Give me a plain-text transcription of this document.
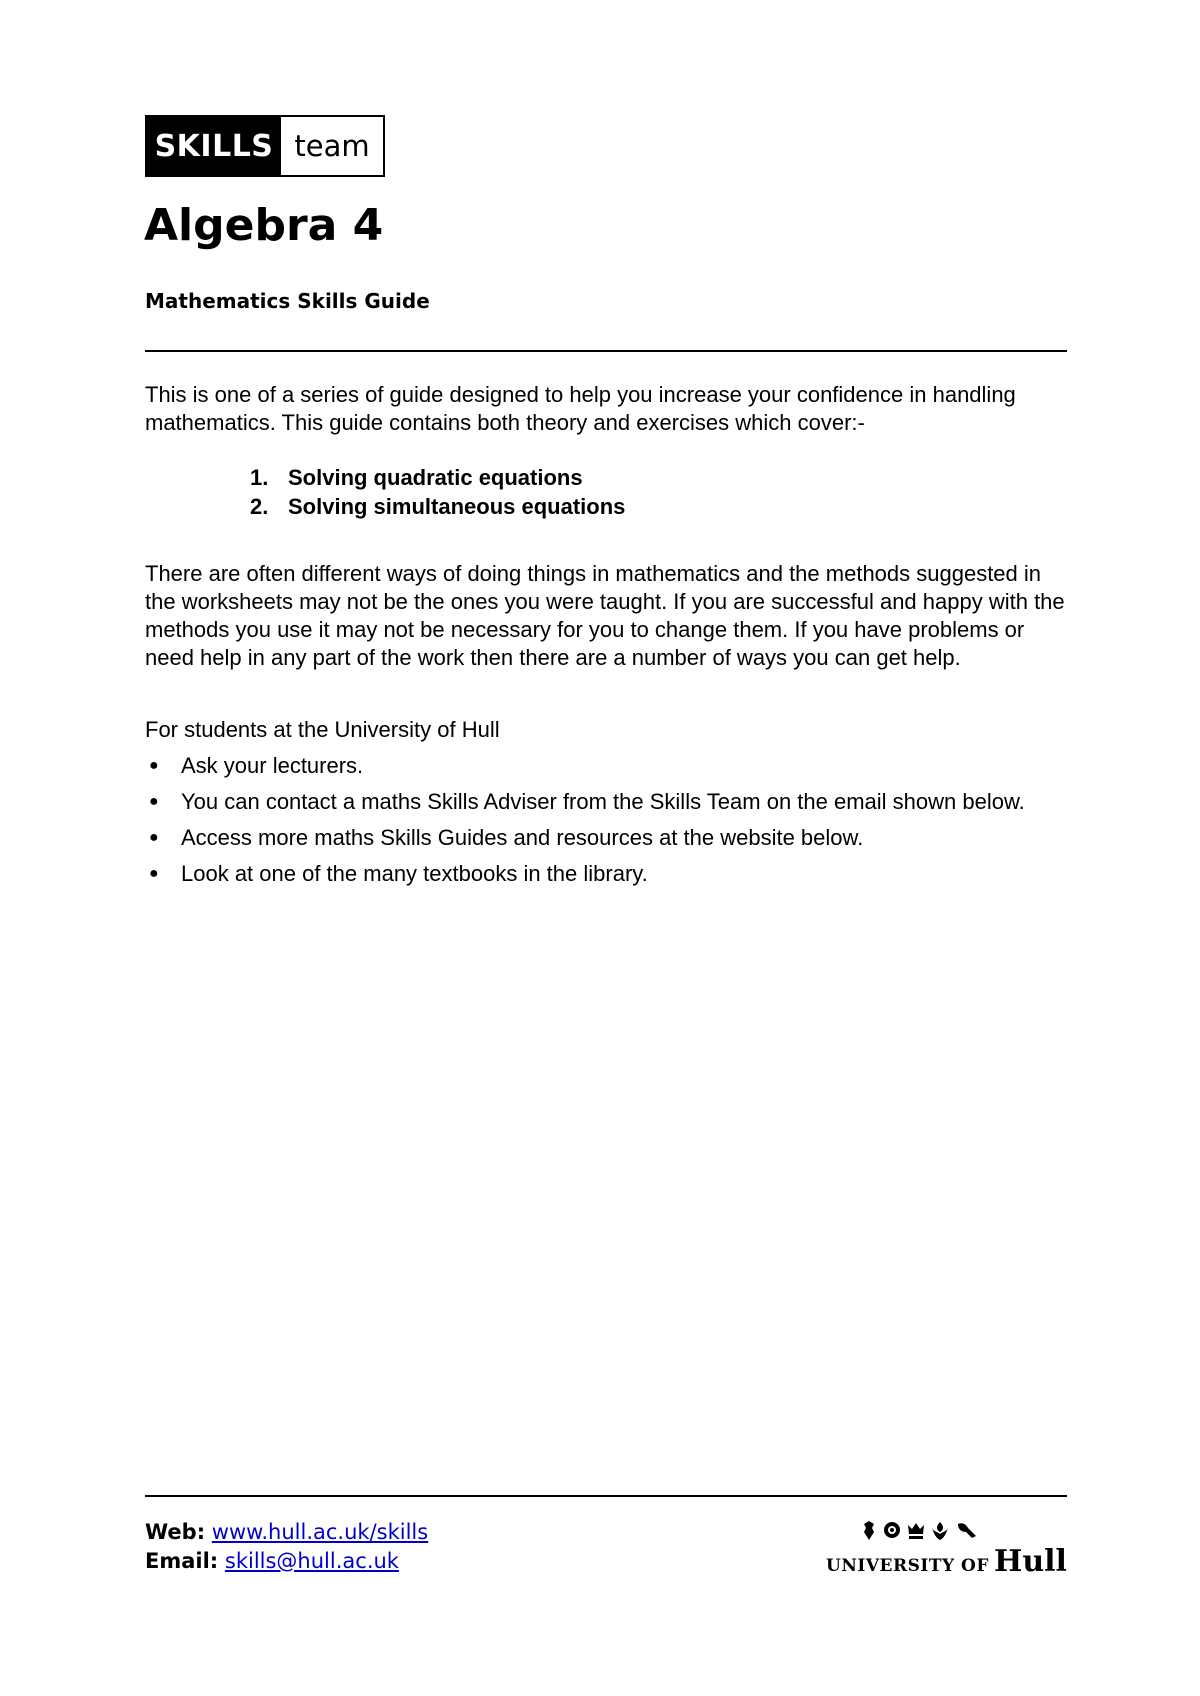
SKILLS team
Algebra 4

Mathematics Skills Guide

This is one of a series of guide designed to help you increase your confidence in handling mathematics. This guide contains both theory and exercises which cover:-

1. Solving quadratic equations
2. Solving simultaneous equations

There are often different ways of doing things in mathematics and the methods suggested in the worksheets may not be the ones you were taught. If you are successful and happy with the methods you use it may not be necessary for you to change them. If you have problems or need help in any part of the work then there are a number of ways you can get help.

For students at the University of Hull

●	Ask your lecturers.
●	You can contact a maths Skills Adviser from the Skills Team on the email shown below.
●	Access more maths Skills Guides and resources at the website below.
●	Look at one of the many textbooks in the library.
Web: www.hull.ac.uk/skills
Email: skills@hull.ac.uk	UNIVERSITY OF Hull
